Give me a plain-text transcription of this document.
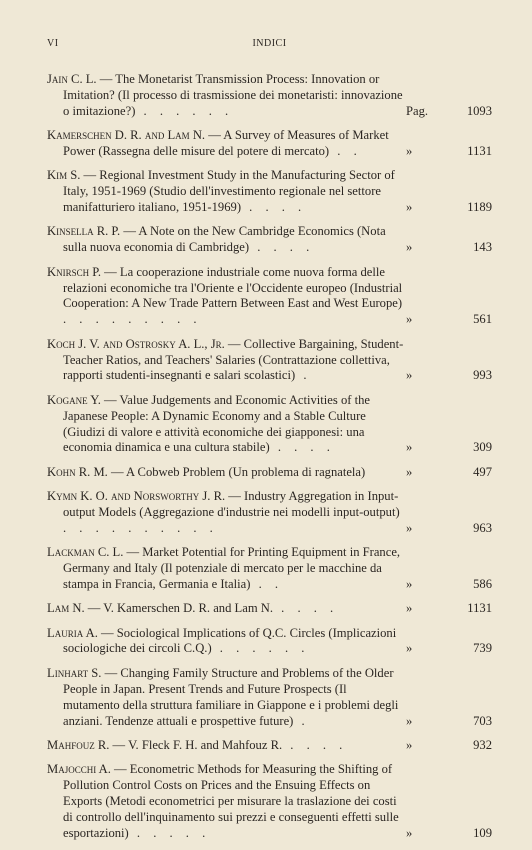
VI	INDICI
Jain C. L. — The Monetarist Transmission Process: Innovation or Imitation? (Il processo di trasmissione dei monetaristi: innovazione o imitazione?) . . . . . .	Pag.	1093
Kamerschen D. R. and Lam N. — A Survey of Measures of Market Power (Rassegna delle misure del potere di mercato) . .	»	1131
Kim S. — Regional Investment Study in the Manufacturing Sector of Italy, 1951-1969 (Studio dell'investimento regionale nel settore manifatturiero italiano, 1951-1969) . . . .	»	1189
Kinsella R. P. — A Note on the New Cambridge Economics (Nota sulla nuova economia di Cambridge) . . . .	»	143
Knirsch P. — La cooperazione industriale come nuova forma delle relazioni economiche tra l'Oriente e l'Occidente europeo (Industrial Cooperation: A New Trade Pattern Between East and West Europe) . . . . . . . . .	»	561
Koch J. V. and Ostrosky A. L., Jr. — Collective Bargaining, Student-Teacher Ratios, and Teachers' Salaries (Contrattazione collettiva, rapporti studenti-insegnanti e salari scolastici) .	»	993
Kogane Y. — Value Judgements and Economic Activities of the Japanese People: A Dynamic Economy and a Stable Culture (Giudizi di valore e attività economiche dei giapponesi: una economia dinamica e una cultura stabile) . . . .	»	309
Kohn R. M. — A Cobweb Problem (Un problema di ragnatela)	»	497
Kymn K. O. and Norsworthy J. R. — Industry Aggregation in Input-output Models (Aggregazione d'industrie nei modelli input-output) . . . . . . . . . .	»	963
Lackman C. L. — Market Potential for Printing Equipment in France, Germany and Italy (Il potenziale di mercato per le macchine da stampa in Francia, Germania e Italia) . .	»	586
Lam N. — V. Kamerschen D. R. and Lam N. . . . .	»	1131
Lauria A. — Sociological Implications of Q.C. Circles (Implicazioni sociologiche dei circoli C.Q.) . . . . . .	»	739
Linhart S. — Changing Family Structure and Problems of the Older People in Japan. Present Trends and Future Prospects (Il mutamento della struttura familiare in Giappone e i problemi degli anziani. Tendenze attuali e prospettive future) .	»	703
Mahfouz R. — V. Fleck F. H. and Mahfouz R. . . . .	»	932
Majocchi A. — Econometric Methods for Measuring the Shifting of Pollution Control Costs on Prices and the Ensuing Effects on Exports (Metodi econometrici per misurare la traslazione dei costi di controllo dell'inquinamento sui prezzi e conseguenti effetti sulle esportazioni) . . . . .	»	109
